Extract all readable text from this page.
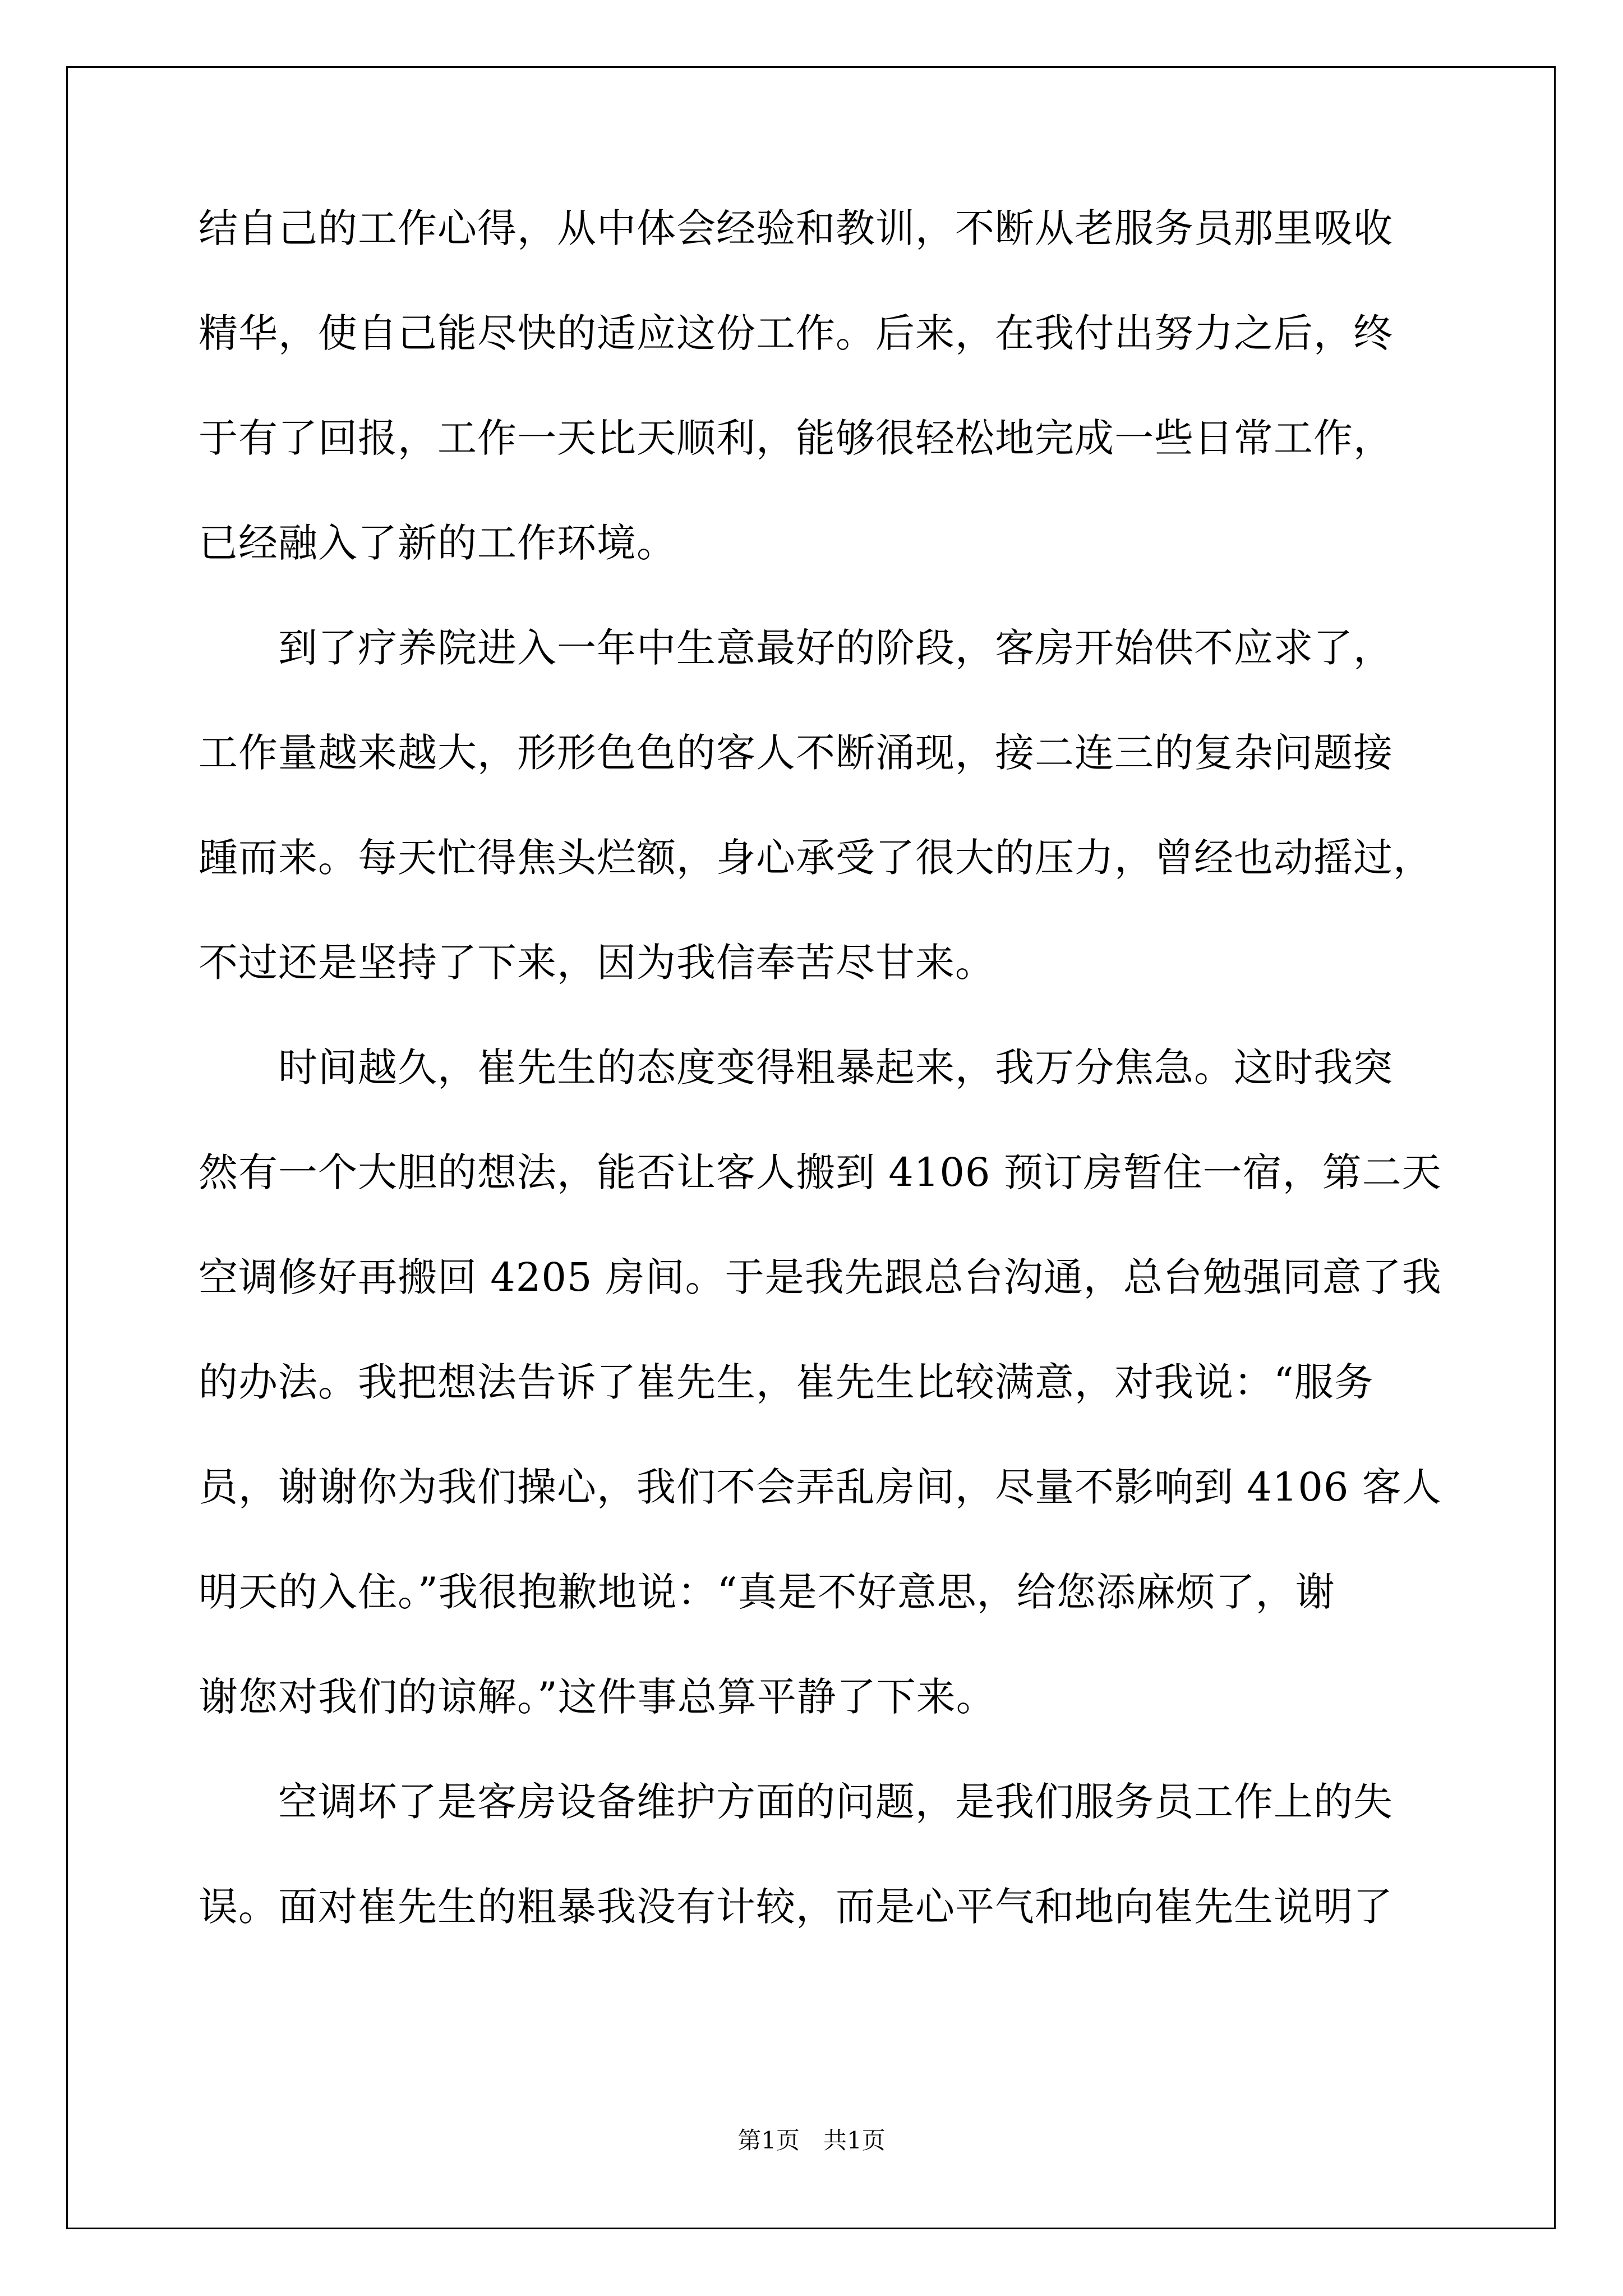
结自己的工作心得，从中体会经验和教训，不断从老服务员那里吸收
精华，使自己能尽快的适应这份工作。后来，在我付出努力之后，终
于有了回报，工作一天比天顺利，能够很轻松地完成一些日常工作，
已经融入了新的工作环境。
　　到了疗养院进入一年中生意最好的阶段，客房开始供不应求了，
工作量越来越大，形形色色的客人不断涌现，接二连三的复杂问题接
踵而来。每天忙得焦头烂额，身心承受了很大的压力，曾经也动摇过，
不过还是坚持了下来，因为我信奉苦尽甘来。
　　时间越久，崔先生的态度变得粗暴起来，我万分焦急。这时我突
然有一个大胆的想法，能否让客人搬到 4106 预订房暂住一宿，第二天
空调修好再搬回 4205 房间。于是我先跟总台沟通，总台勉强同意了我
的办法。我把想法告诉了崔先生，崔先生比较满意，对我说：“服务
员，谢谢你为我们操心，我们不会弄乱房间，尽量不影响到 4106 客人
明天的入住。”我很抱歉地说：“真是不好意思，给您添麻烦了，谢
谢您对我们的谅解。”这件事总算平静了下来。
　　空调坏了是客房设备维护方面的问题，是我们服务员工作上的失
误。面对崔先生的粗暴我没有计较，而是心平气和地向崔先生说明了
第1页　共1页
